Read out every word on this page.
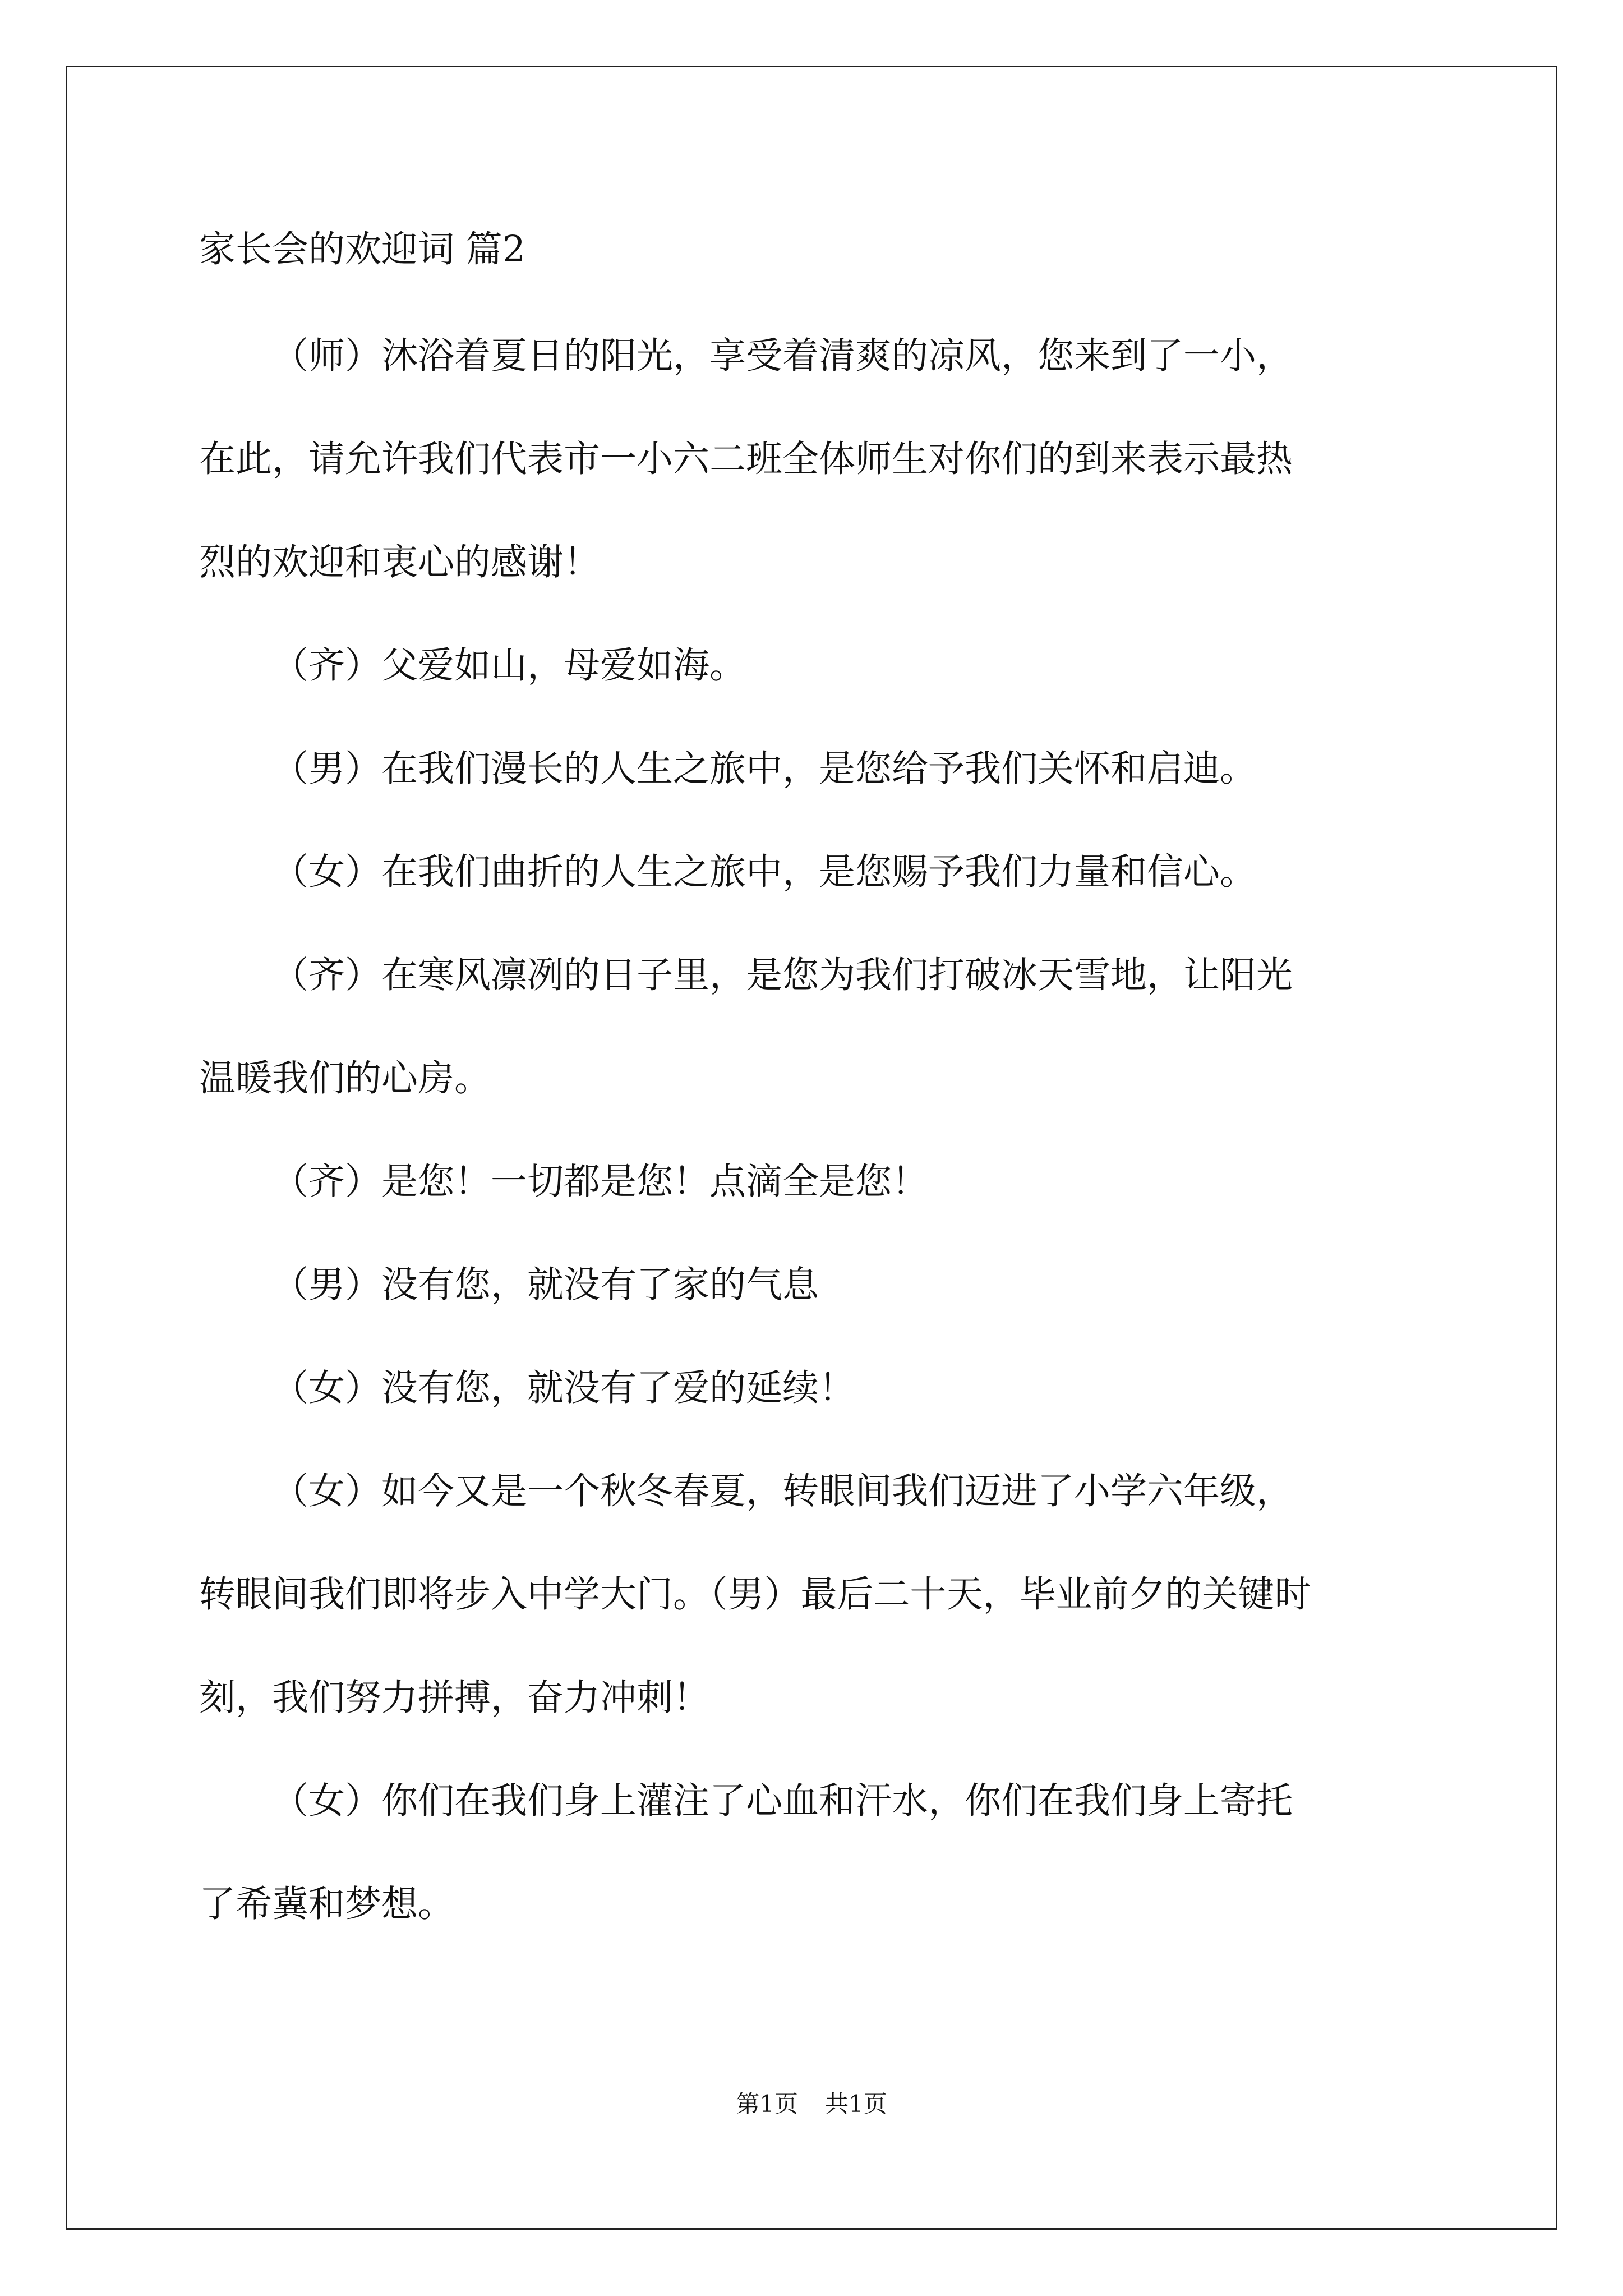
家长会的欢迎词 篇2
（师）沐浴着夏日的阳光，享受着清爽的凉风，您来到了一小，
在此，请允许我们代表市一小六二班全体师生对你们的到来表示最热
烈的欢迎和衷心的感谢！
（齐）父爱如山，母爱如海。
（男）在我们漫长的人生之旅中，是您给予我们关怀和启迪。
（女）在我们曲折的人生之旅中，是您赐予我们力量和信心。
（齐）在寒风凛冽的日子里，是您为我们打破冰天雪地，让阳光
温暖我们的心房。
（齐）是您！一切都是您！点滴全是您！
（男）没有您，就没有了家的气息
（女）没有您，就没有了爱的延续！
（女）如今又是一个秋冬春夏，转眼间我们迈进了小学六年级，
转眼间我们即将步入中学大门。（男）最后二十天，毕业前夕的关键时
刻，我们努力拼搏，奋力冲刺！
（女）你们在我们身上灌注了心血和汗水，你们在我们身上寄托
了希冀和梦想。
第1页 共1页
